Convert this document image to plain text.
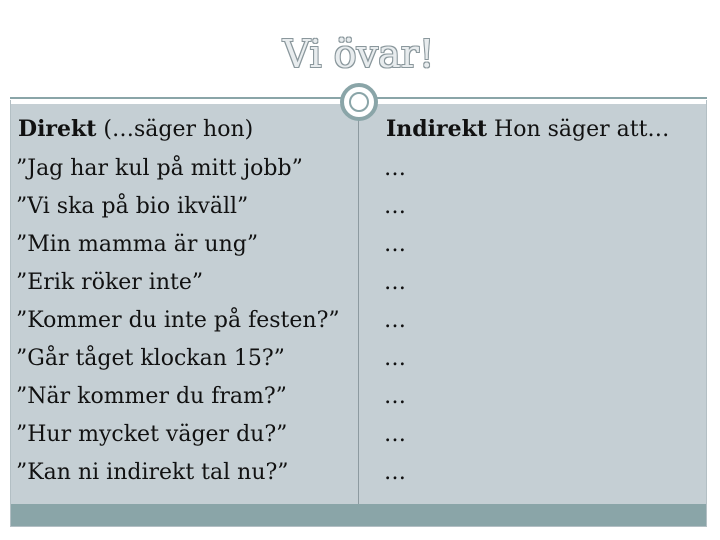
Vi övar!
Direkt (…säger hon)
”Jag har kul på mitt jobb”
”Vi ska på bio ikväll”
”Min mamma är ung”
”Erik röker inte”
”Kommer du inte på festen?”
”Går tåget klockan 15?”
”När kommer du fram?”
”Hur mycket väger du?”
”Kan ni indirekt tal nu?”
Indirekt Hon säger att…
…
…
…
…
…
…
…
…
…
